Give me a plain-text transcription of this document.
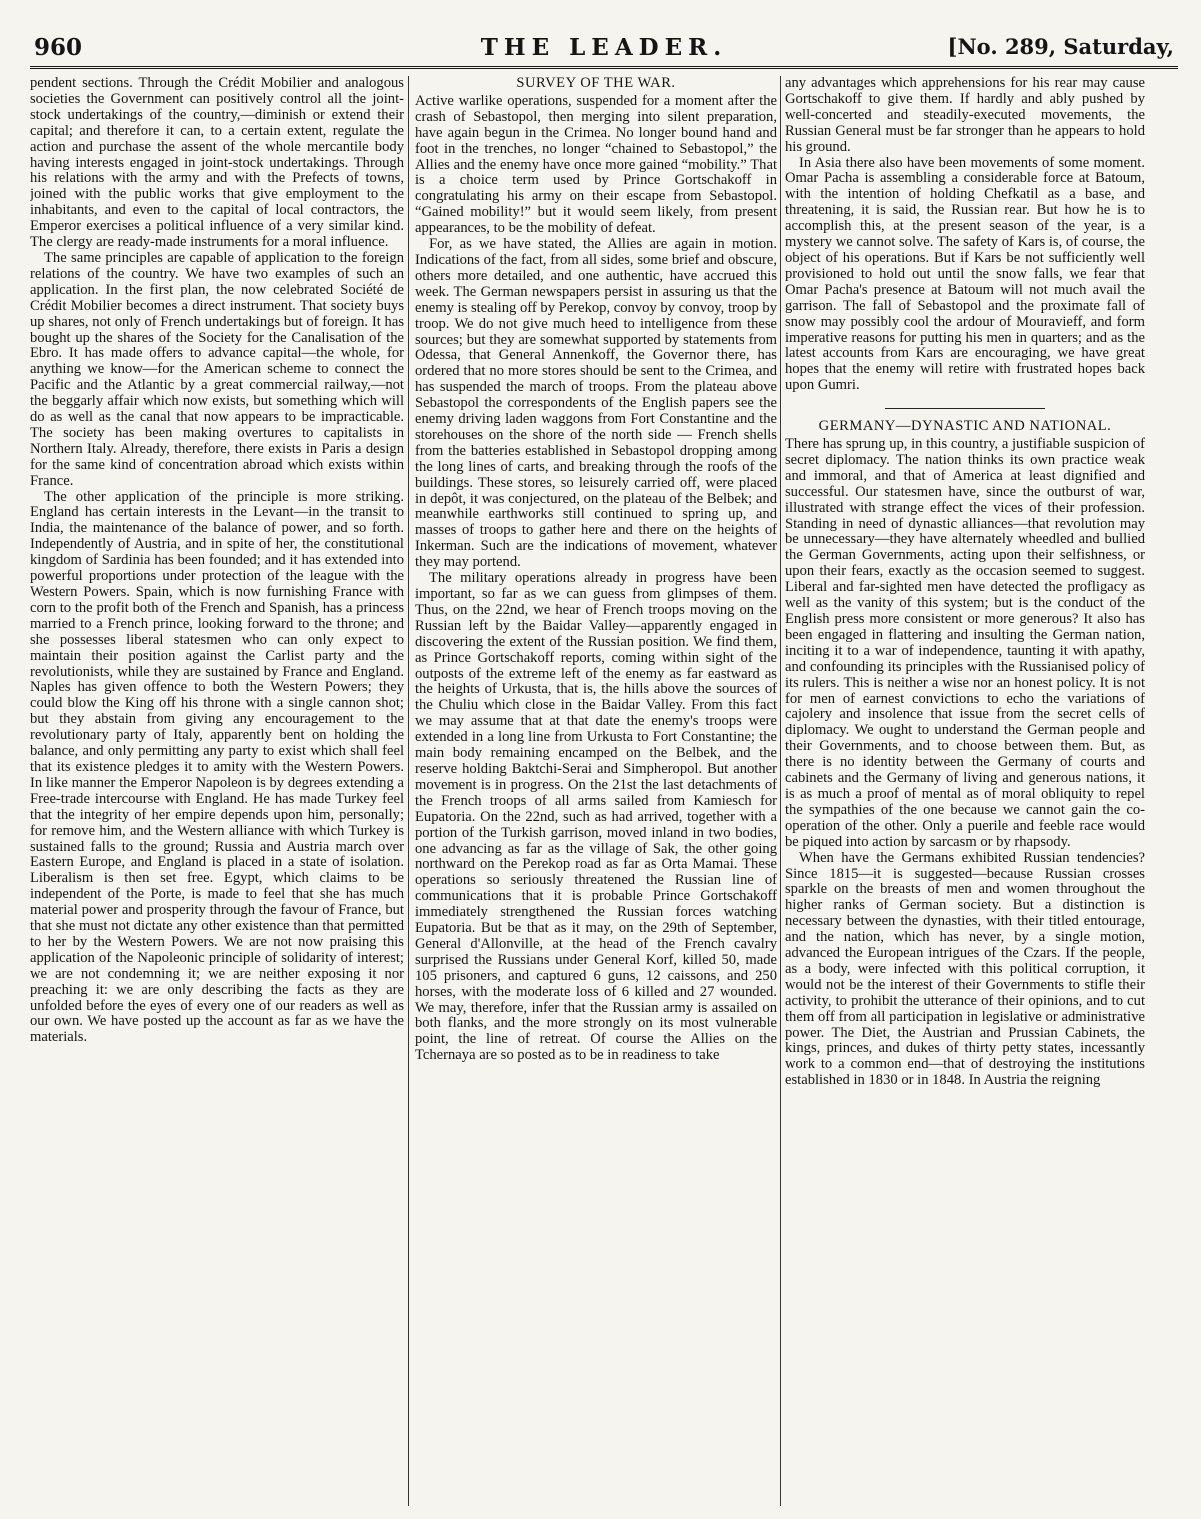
960	THE LEADER.	[No. 289, Saturday,

pendent sections. Through the Crédit Mobilier and analogous societies the Government can positively control all the joint-stock undertakings of the country,—diminish or extend their capital; and therefore it can, to a certain extent, regulate the action and purchase the assent of the whole mercantile body having interests engaged in joint-stock undertakings. Through his relations with the army and with the Prefects of towns, joined with the public works that give employment to the inhabitants, and even to the capital of local contractors, the Emperor exercises a political influence of a very similar kind. The clergy are ready-made instruments for a moral influence.

The same principles are capable of application to the foreign relations of the country. We have two examples of such an application. In the first plan, the now celebrated Société de Crédit Mobilier becomes a direct instrument. That society buys up shares, not only of French undertakings but of foreign. It has bought up the shares of the Society for the Canalisation of the Ebro. It has made offers to advance capital—the whole, for anything we know—for the American scheme to connect the Pacific and the Atlantic by a great commercial railway,—not the beggarly affair which now exists, but something which will do as well as the canal that now appears to be impracticable. The society has been making overtures to capitalists in Northern Italy. Already, therefore, there exists in Paris a design for the same kind of concentration abroad which exists within France.

The other application of the principle is more striking. England has certain interests in the Levant—in the transit to India, the maintenance of the balance of power, and so forth. Independently of Austria, and in spite of her, the constitutional kingdom of Sardinia has been founded; and it has extended into powerful proportions under protection of the league with the Western Powers. Spain, which is now furnishing France with corn to the profit both of the French and Spanish, has a princess married to a French prince, looking forward to the throne; and she possesses liberal statesmen who can only expect to maintain their position against the Carlist party and the revolutionists, while they are sustained by France and England. Naples has given offence to both the Western Powers; they could blow the King off his throne with a single cannon shot; but they abstain from giving any encouragement to the revolutionary party of Italy, apparently bent on holding the balance, and only permitting any party to exist which shall feel that its existence pledges it to amity with the Western Powers. In like manner the Emperor Napoleon is by degrees extending a Free-trade intercourse with England. He has made Turkey feel that the integrity of her empire depends upon him, personally; for remove him, and the Western alliance with which Turkey is sustained falls to the ground; Russia and Austria march over Eastern Europe, and England is placed in a state of isolation. Liberalism is then set free. Egypt, which claims to be independent of the Porte, is made to feel that she has much material power and prosperity through the favour of France, but that she must not dictate any other existence than that permitted to her by the Western Powers. We are not now praising this application of the Napoleonic principle of solidarity of interest; we are not condemning it; we are neither exposing it nor preaching it: we are only describing the facts as they are unfolded before the eyes of every one of our readers as well as our own. We have posted up the account as far as we have the materials.

SURVEY OF THE WAR.

Active warlike operations, suspended for a moment after the crash of Sebastopol, then merging into silent preparation, have again begun in the Crimea. No longer bound hand and foot in the trenches, no longer “chained to Sebastopol,” the Allies and the enemy have once more gained “mobility.” That is a choice term used by Prince Gortschakoff in congratulating his army on their escape from Sebastopol. “Gained mobility!” but it would seem likely, from present appearances, to be the mobility of defeat.

For, as we have stated, the Allies are again in motion. Indications of the fact, from all sides, some brief and obscure, others more detailed, and one authentic, have accrued this week. The German newspapers persist in assuring us that the enemy is stealing off by Perekop, convoy by convoy, troop by troop. We do not give much heed to intelligence from these sources; but they are somewhat supported by statements from Odessa, that General Annenkoff, the Governor there, has ordered that no more stores should be sent to the Crimea, and has suspended the march of troops. From the plateau above Sebastopol the correspondents of the English papers see the enemy driving laden waggons from Fort Constantine and the storehouses on the shore of the north side — French shells from the batteries established in Sebastopol dropping among the long lines of carts, and breaking through the roofs of the buildings. These stores, so leisurely carried off, were placed in depôt, it was conjectured, on the plateau of the Belbek; and meanwhile earthworks still continued to spring up, and masses of troops to gather here and there on the heights of Inkerman. Such are the indications of movement, whatever they may portend.

The military operations already in progress have been important, so far as we can guess from glimpses of them. Thus, on the 22nd, we hear of French troops moving on the Russian left by the Baidar Valley—apparently engaged in discovering the extent of the Russian position. We find them, as Prince Gortschakoff reports, coming within sight of the outposts of the extreme left of the enemy as far eastward as the heights of Urkusta, that is, the hills above the sources of the Chuliu which close in the Baidar Valley. From this fact we may assume that at that date the enemy's troops were extended in a long line from Urkusta to Fort Constantine; the main body remaining encamped on the Belbek, and the reserve holding Baktchi-Serai and Simpheropol. But another movement is in progress. On the 21st the last detachments of the French troops of all arms sailed from Kamiesch for Eupatoria. On the 22nd, such as had arrived, together with a portion of the Turkish garrison, moved inland in two bodies, one advancing as far as the village of Sak, the other going northward on the Perekop road as far as Orta Mamai. These operations so seriously threatened the Russian line of communications that it is probable Prince Gortschakoff immediately strengthened the Russian forces watching Eupatoria. But be that as it may, on the 29th of September, General d'Allonville, at the head of the French cavalry surprised the Russians under General Korf, killed 50, made 105 prisoners, and captured 6 guns, 12 caissons, and 250 horses, with the moderate loss of 6 killed and 27 wounded. We may, therefore, infer that the Russian army is assailed on both flanks, and the more strongly on its most vulnerable point, the line of retreat. Of course the Allies on the Tchernaya are so posted as to be in readiness to take

any advantages which apprehensions for his rear may cause Gortschakoff to give them. If hardly and ably pushed by well-concerted and steadily-executed movements, the Russian General must be far stronger than he appears to hold his ground.

In Asia there also have been movements of some moment. Omar Pacha is assembling a considerable force at Batoum, with the intention of holding Chefkatil as a base, and threatening, it is said, the Russian rear. But how he is to accomplish this, at the present season of the year, is a mystery we cannot solve. The safety of Kars is, of course, the object of his operations. But if Kars be not sufficiently well provisioned to hold out until the snow falls, we fear that Omar Pacha's presence at Batoum will not much avail the garrison. The fall of Sebastopol and the proximate fall of snow may possibly cool the ardour of Mouravieff, and form imperative reasons for putting his men in quarters; and as the latest accounts from Kars are encouraging, we have great hopes that the enemy will retire with frustrated hopes back upon Gumri.

GERMANY—DYNASTIC AND NATIONAL.

There has sprung up, in this country, a justifiable suspicion of secret diplomacy. The nation thinks its own practice weak and immoral, and that of America at least dignified and successful. Our statesmen have, since the outburst of war, illustrated with strange effect the vices of their profession. Standing in need of dynastic alliances—that revolution may be unnecessary—they have alternately wheedled and bullied the German Governments, acting upon their selfishness, or upon their fears, exactly as the occasion seemed to suggest. Liberal and far-sighted men have detected the profligacy as well as the vanity of this system; but is the conduct of the English press more consistent or more generous? It also has been engaged in flattering and insulting the German nation, inciting it to a war of independence, taunting it with apathy, and confounding its principles with the Russianised policy of its rulers. This is neither a wise nor an honest policy. It is not for men of earnest convictions to echo the variations of cajolery and insolence that issue from the secret cells of diplomacy. We ought to understand the German people and their Governments, and to choose between them. But, as there is no identity between the Germany of courts and cabinets and the Germany of living and generous nations, it is as much a proof of mental as of moral obliquity to repel the sympathies of the one because we cannot gain the co-operation of the other. Only a puerile and feeble race would be piqued into action by sarcasm or by rhapsody.

When have the Germans exhibited Russian tendencies? Since 1815—it is suggested—because Russian crosses sparkle on the breasts of men and women throughout the higher ranks of German society. But a distinction is necessary between the dynasties, with their titled entourage, and the nation, which has never, by a single motion, advanced the European intrigues of the Czars. If the people, as a body, were infected with this political corruption, it would not be the interest of their Governments to stifle their activity, to prohibit the utterance of their opinions, and to cut them off from all participation in legislative or administrative power. The Diet, the Austrian and Prussian Cabinets, the kings, princes, and dukes of thirty petty states, incessantly work to a common end—that of destroying the institutions established in 1830 or in 1848. In Austria the reigning
